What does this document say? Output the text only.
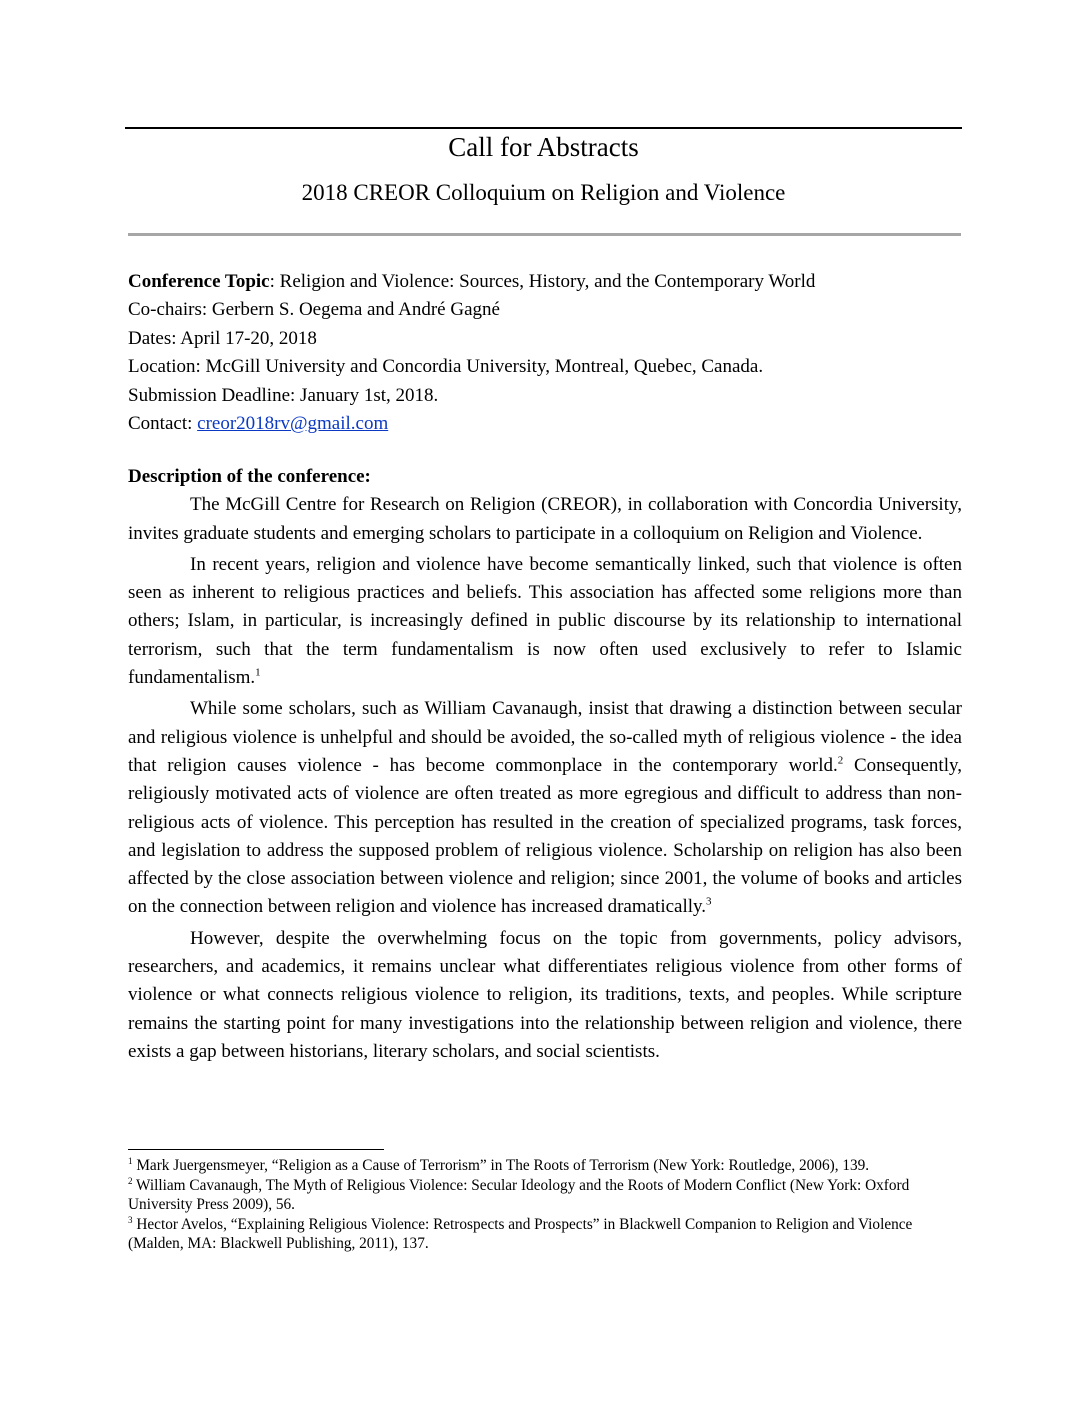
Call for Abstracts
2018 CREOR Colloquium on Religion and Violence
Conference Topic: Religion and Violence: Sources, History, and the Contemporary World
Co-chairs: Gerbern S. Oegema and André Gagné
Dates: April 17-20, 2018
Location: McGill University and Concordia University, Montreal, Quebec, Canada.
Submission Deadline: January 1st, 2018.
Contact: creor2018rv@gmail.com
Description of the conference:

The McGill Centre for Research on Religion (CREOR), in collaboration with Concordia University, invites graduate students and emerging scholars to participate in a colloquium on Religion and Violence.

In recent years, religion and violence have become semantically linked, such that violence is often seen as inherent to religious practices and beliefs. This association has affected some religions more than others; Islam, in particular, is increasingly defined in public discourse by its relationship to international terrorism, such that the term fundamentalism is now often used exclusively to refer to Islamic fundamentalism.$^1$

While some scholars, such as William Cavanaugh, insist that drawing a distinction between secular and religious violence is unhelpful and should be avoided, the so-called myth of religious violence - the idea that religion causes violence - has become commonplace in the contemporary world.$^2$ Consequently, religiously motivated acts of violence are often treated as more egregious and difficult to address than non-religious acts of violence. This perception has resulted in the creation of specialized programs, task forces, and legislation to address the supposed problem of religious violence. Scholarship on religion has also been affected by the close association between violence and religion; since 2001, the volume of books and articles on the connection between religion and violence has increased dramatically.$^3$

However, despite the overwhelming focus on the topic from governments, policy advisors, researchers, and academics, it remains unclear what differentiates religious violence from other forms of violence or what connects religious violence to religion, its traditions, texts, and peoples. While scripture remains the starting point for many investigations into the relationship between religion and violence, there exists a gap between historians, literary scholars, and social scientists.

$^1$ Mark Juergensmeyer, “Religion as a Cause of Terrorism” in The Roots of Terrorism (New York: Routledge, 2006), 139.

$^2$ William Cavanaugh, The Myth of Religious Violence: Secular Ideology and the Roots of Modern Conflict (New York: Oxford University Press 2009), 56.

$^3$ Hector Avelos, “Explaining Religious Violence: Retrospects and Prospects” in Blackwell Companion to Religion and Violence (Malden, MA: Blackwell Publishing, 2011), 137.
